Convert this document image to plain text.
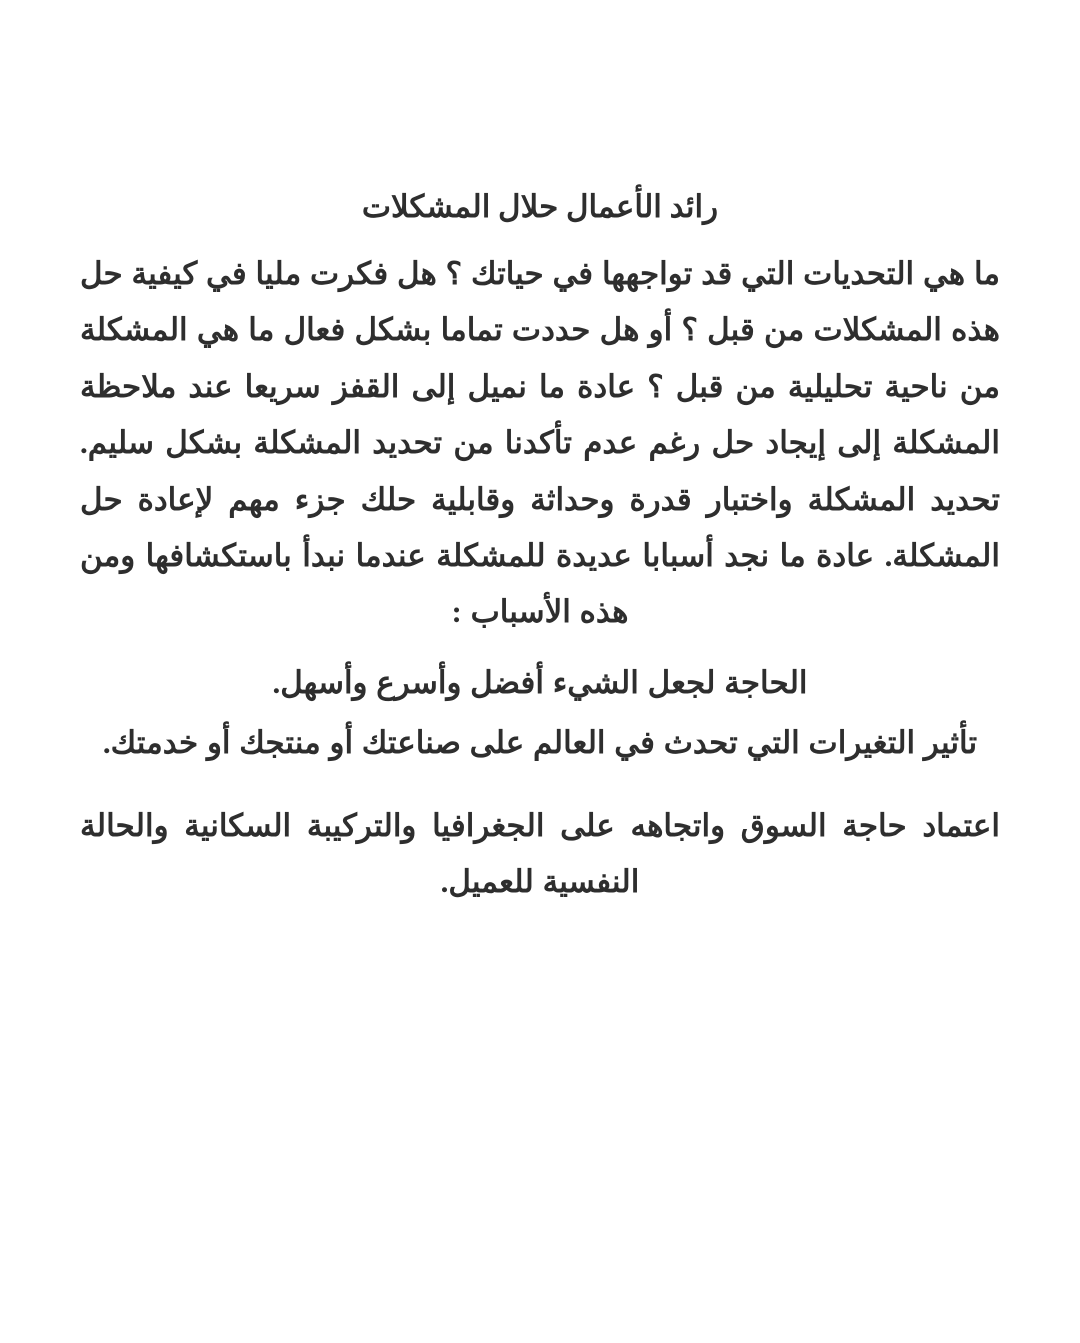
رائد الأعمال حلال المشكلات

ما هي التحديات التي قد تواجهها في حياتك ؟ هل فكرت مليا في كيفية حل هذه المشكلات من قبل ؟ أو هل حددت تماما بشكل فعال ما هي المشكلة من ناحية تحليلية من قبل ؟ عادة ما نميل إلى القفز سريعا عند ملاحظة المشكلة إلى إيجاد حل رغم عدم تأكدنا من تحديد المشكلة بشكل سليم. تحديد المشكلة واختبار قدرة وحداثة وقابلية حلك جزء مهم لإعادة حل المشكلة. عادة ما نجد أسبابا عديدة للمشكلة عندما نبدأ باستكشافها ومن هذه الأسباب :

الحاجة لجعل الشيء أفضل وأسرع وأسهل.

تأثير التغيرات التي تحدث في العالم على صناعتك أو منتجك أو خدمتك.

اعتماد حاجة السوق واتجاهه على الجغرافيا والتركيبة السكانية والحالة النفسية للعميل.
